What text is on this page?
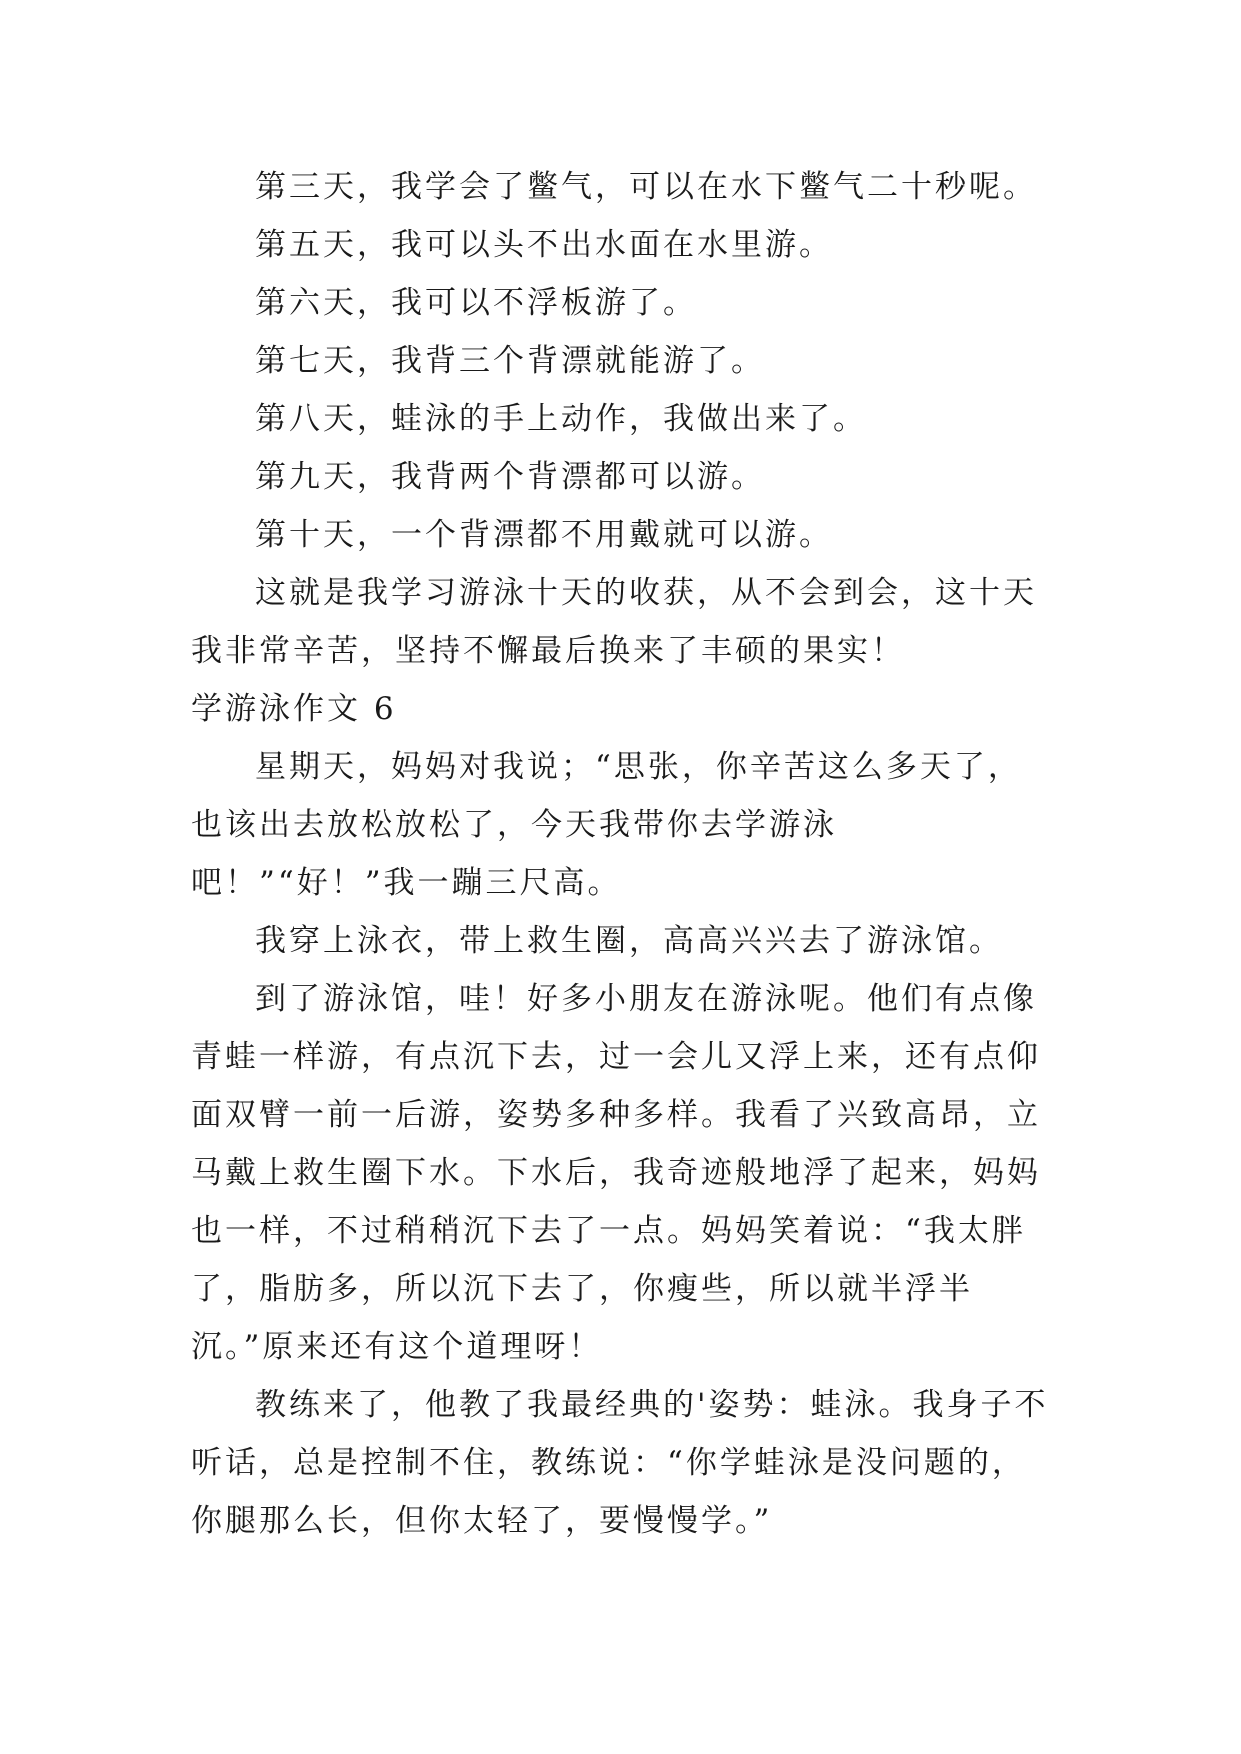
第三天，我学会了鳖气，可以在水下鳖气二十秒呢。

第五天，我可以头不出水面在水里游。

第六天，我可以不浮板游了。

第七天，我背三个背漂就能游了。

第八天，蛙泳的手上动作，我做出来了。

第九天，我背两个背漂都可以游。

第十天，一个背漂都不用戴就可以游。

这就是我学习游泳十天的收获，从不会到会，这十天我非常辛苦，坚持不懈最后换来了丰硕的果实！

学游泳作文 6

星期天，妈妈对我说；“思张，你辛苦这么多天了，也该出去放松放松了，今天我带你去学游泳吧！”“好！”我一蹦三尺高。

我穿上泳衣，带上救生圈，高高兴兴去了游泳馆。

到了游泳馆，哇！好多小朋友在游泳呢。他们有点像青蛙一样游，有点沉下去，过一会儿又浮上来，还有点仰面双臂一前一后游，姿势多种多样。我看了兴致高昂，立马戴上救生圈下水。下水后，我奇迹般地浮了起来，妈妈也一样，不过稍稍沉下去了一点。妈妈笑着说：“我太胖了，脂肪多，所以沉下去了，你瘦些，所以就半浮半沉。”原来还有这个道理呀！

教练来了，他教了我最经典的'姿势：蛙泳。我身子不听话，总是控制不住，教练说：“你学蛙泳是没问题的，你腿那么长，但你太轻了，要慢慢学。”
